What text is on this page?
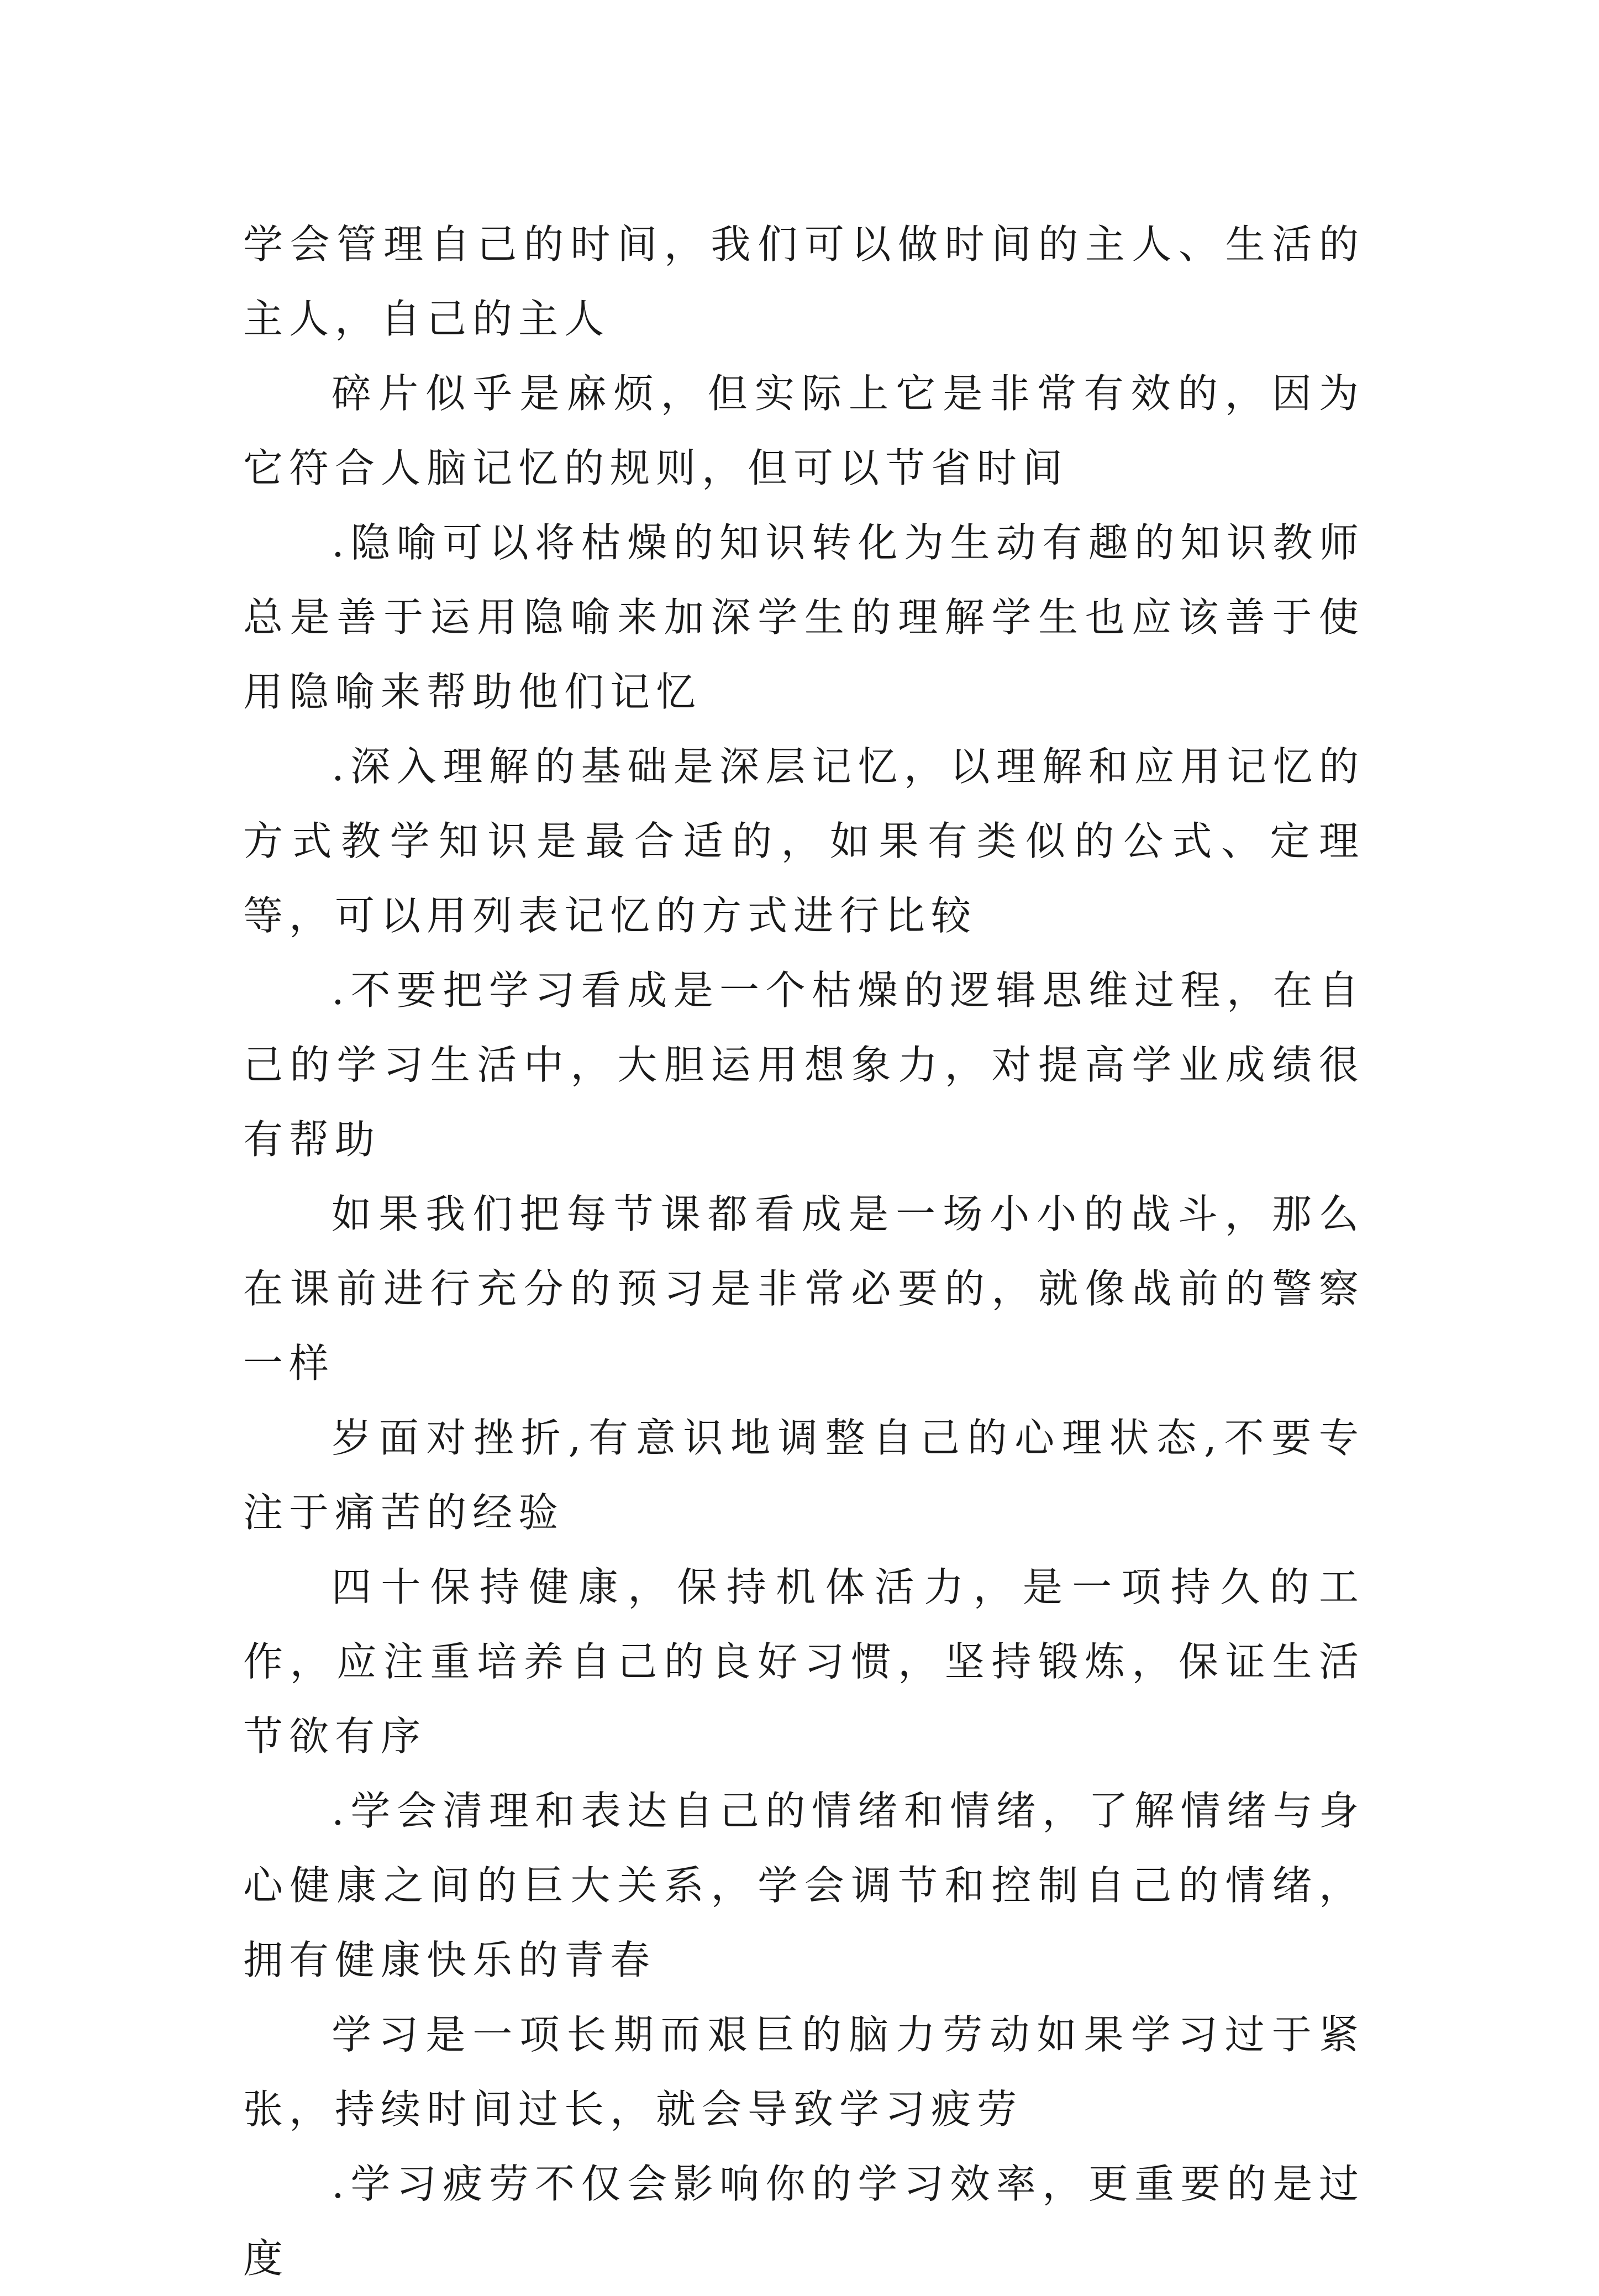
学会管理自己的时间，我们可以做时间的主人、生活的主人，自己的主人

碎片似乎是麻烦，但实际上它是非常有效的，因为它符合人脑记忆的规则，但可以节省时间

.隐喻可以将枯燥的知识转化为生动有趣的知识教师总是善于运用隐喻来加深学生的理解学生也应该善于使用隐喻来帮助他们记忆

.深入理解的基础是深层记忆，以理解和应用记忆的方式教学知识是最合适的，如果有类似的公式、定理等，可以用列表记忆的方式进行比较

.不要把学习看成是一个枯燥的逻辑思维过程，在自己的学习生活中，大胆运用想象力，对提高学业成绩很有帮助

如果我们把每节课都看成是一场小小的战斗，那么在课前进行充分的预习是非常必要的，就像战前的警察一样

岁面对挫折,有意识地调整自己的心理状态,不要专注于痛苦的经验

四十保持健康，保持机体活力，是一项持久的工作，应注重培养自己的良好习惯，坚持锻炼，保证生活节欲有序

.学会清理和表达自己的情绪和情绪，了解情绪与身心健康之间的巨大关系，学会调节和控制自己的情绪，拥有健康快乐的青春

学习是一项长期而艰巨的脑力劳动如果学习过于紧张，持续时间过长，就会导致学习疲劳

.学习疲劳不仅会影响你的学习效率，更重要的是过度
